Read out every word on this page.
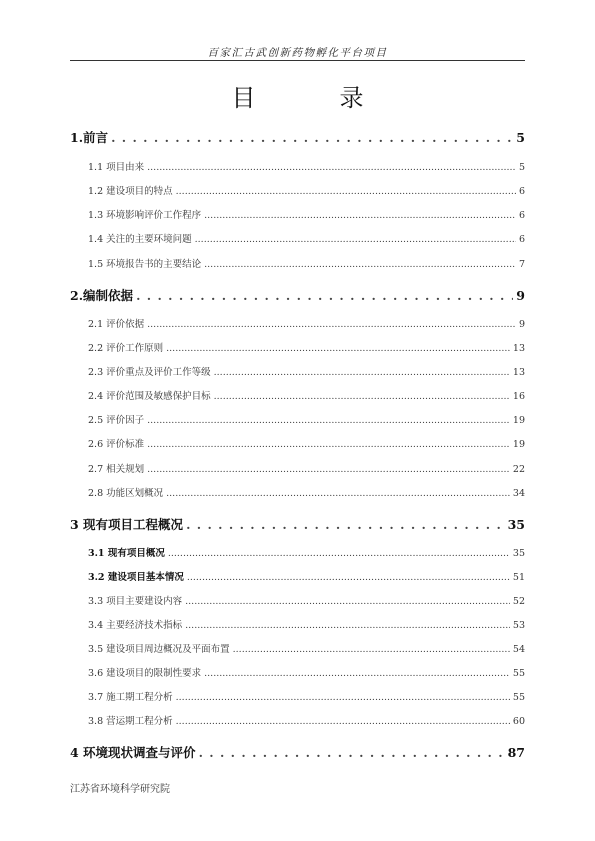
百家汇古武创新药物孵化平台项目
目　录
1.前言 . . .	5
1.1 项目由来 .....	5
1.2 建设项目的特点 .....	6
1.3 环境影响评价工作程序 .....	6
1.4 关注的主要环境问题 .....	6
1.5 环境报告书的主要结论 .....	7
2.编制依据 . . .	9
2.1 评价依据 .....	9
2.2 评价工作原则 .....	13
2.3 评价重点及评价工作等级 .....	13
2.4 评价范围及敏感保护目标 .....	16
2.5 评价因子 .....	19
2.6 评价标准 .....	19
2.7 相关规划 .....	22
2.8 功能区划概况 .....	34
3 现有项目工程概况 . . .	35
3.1 现有项目概况 .....	35
3.2 建设项目基本情况 .....	51
3.3 项目主要建设内容 .....	52
3.4 主要经济技术指标 .....	53
3.5 建设项目周边概况及平面布置 .....	54
3.6 建设项目的限制性要求 .....	55
3.7 施工期工程分析 .....	55
3.8 营运期工程分析 .....	60
4 环境现状调查与评价 . . .	87
江苏省环境科学研究院
